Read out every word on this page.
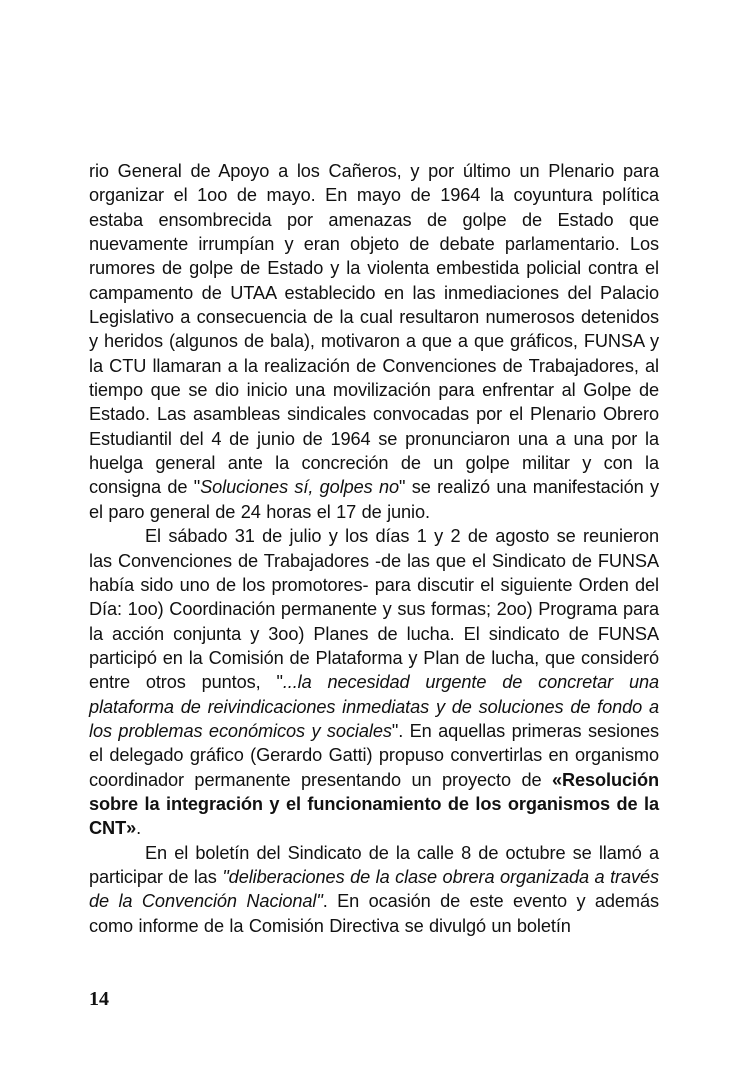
rio General de Apoyo a los Cañeros, y por último un Plenario para organizar el 1oo de mayo. En mayo de 1964 la coyuntura política estaba ensombrecida por amenazas de golpe de Estado que nuevamente irrumpían y eran objeto de debate parlamentario. Los rumores de golpe de Estado y la violenta embestida policial contra el campamento de UTAA establecido en las inmediaciones del Palacio Legislativo a consecuencia de la cual resultaron numerosos detenidos y heridos (algunos de bala), motivaron a que a que gráficos, FUNSA y la CTU llamaran a la realización de Convenciones de Trabajadores, al tiempo que se dio inicio una movilización para enfrentar al Golpe de Estado. Las asambleas sindicales convocadas por el Plenario Obrero Estudiantil del 4 de junio de 1964 se pronunciaron una a una por la huelga general ante la concreción de un golpe militar y con la consigna de "Soluciones sí, golpes no" se realizó una manifestación y el paro general de 24 horas el 17 de junio.

El sábado 31 de julio y los días 1 y 2 de agosto se reunieron las Convenciones de Trabajadores -de las que el Sindicato de FUNSA había sido uno de los promotores- para discutir el siguiente Orden del Día: 1oo) Coordinación permanente y sus formas; 2oo) Programa para la acción conjunta y 3oo) Planes de lucha. El sindicato de FUNSA participó en la Comisión de Plataforma y Plan de lucha, que consideró entre otros puntos, "...la necesidad urgente de concretar una plataforma de reivindicaciones inmediatas y de soluciones de fondo a los problemas económicos y sociales". En aquellas primeras sesiones el delegado gráfico (Gerardo Gatti) propuso convertirlas en organismo coordinador permanente presentando un proyecto de «Resolución sobre la integración y el funcionamiento de los organismos de la CNT».

En el boletín del Sindicato de la calle 8 de octubre se llamó a participar de las "deliberaciones de la clase obrera organizada a través de la Convención Nacional". En ocasión de este evento y además como informe de la Comisión Directiva se divulgó un boletín

14
